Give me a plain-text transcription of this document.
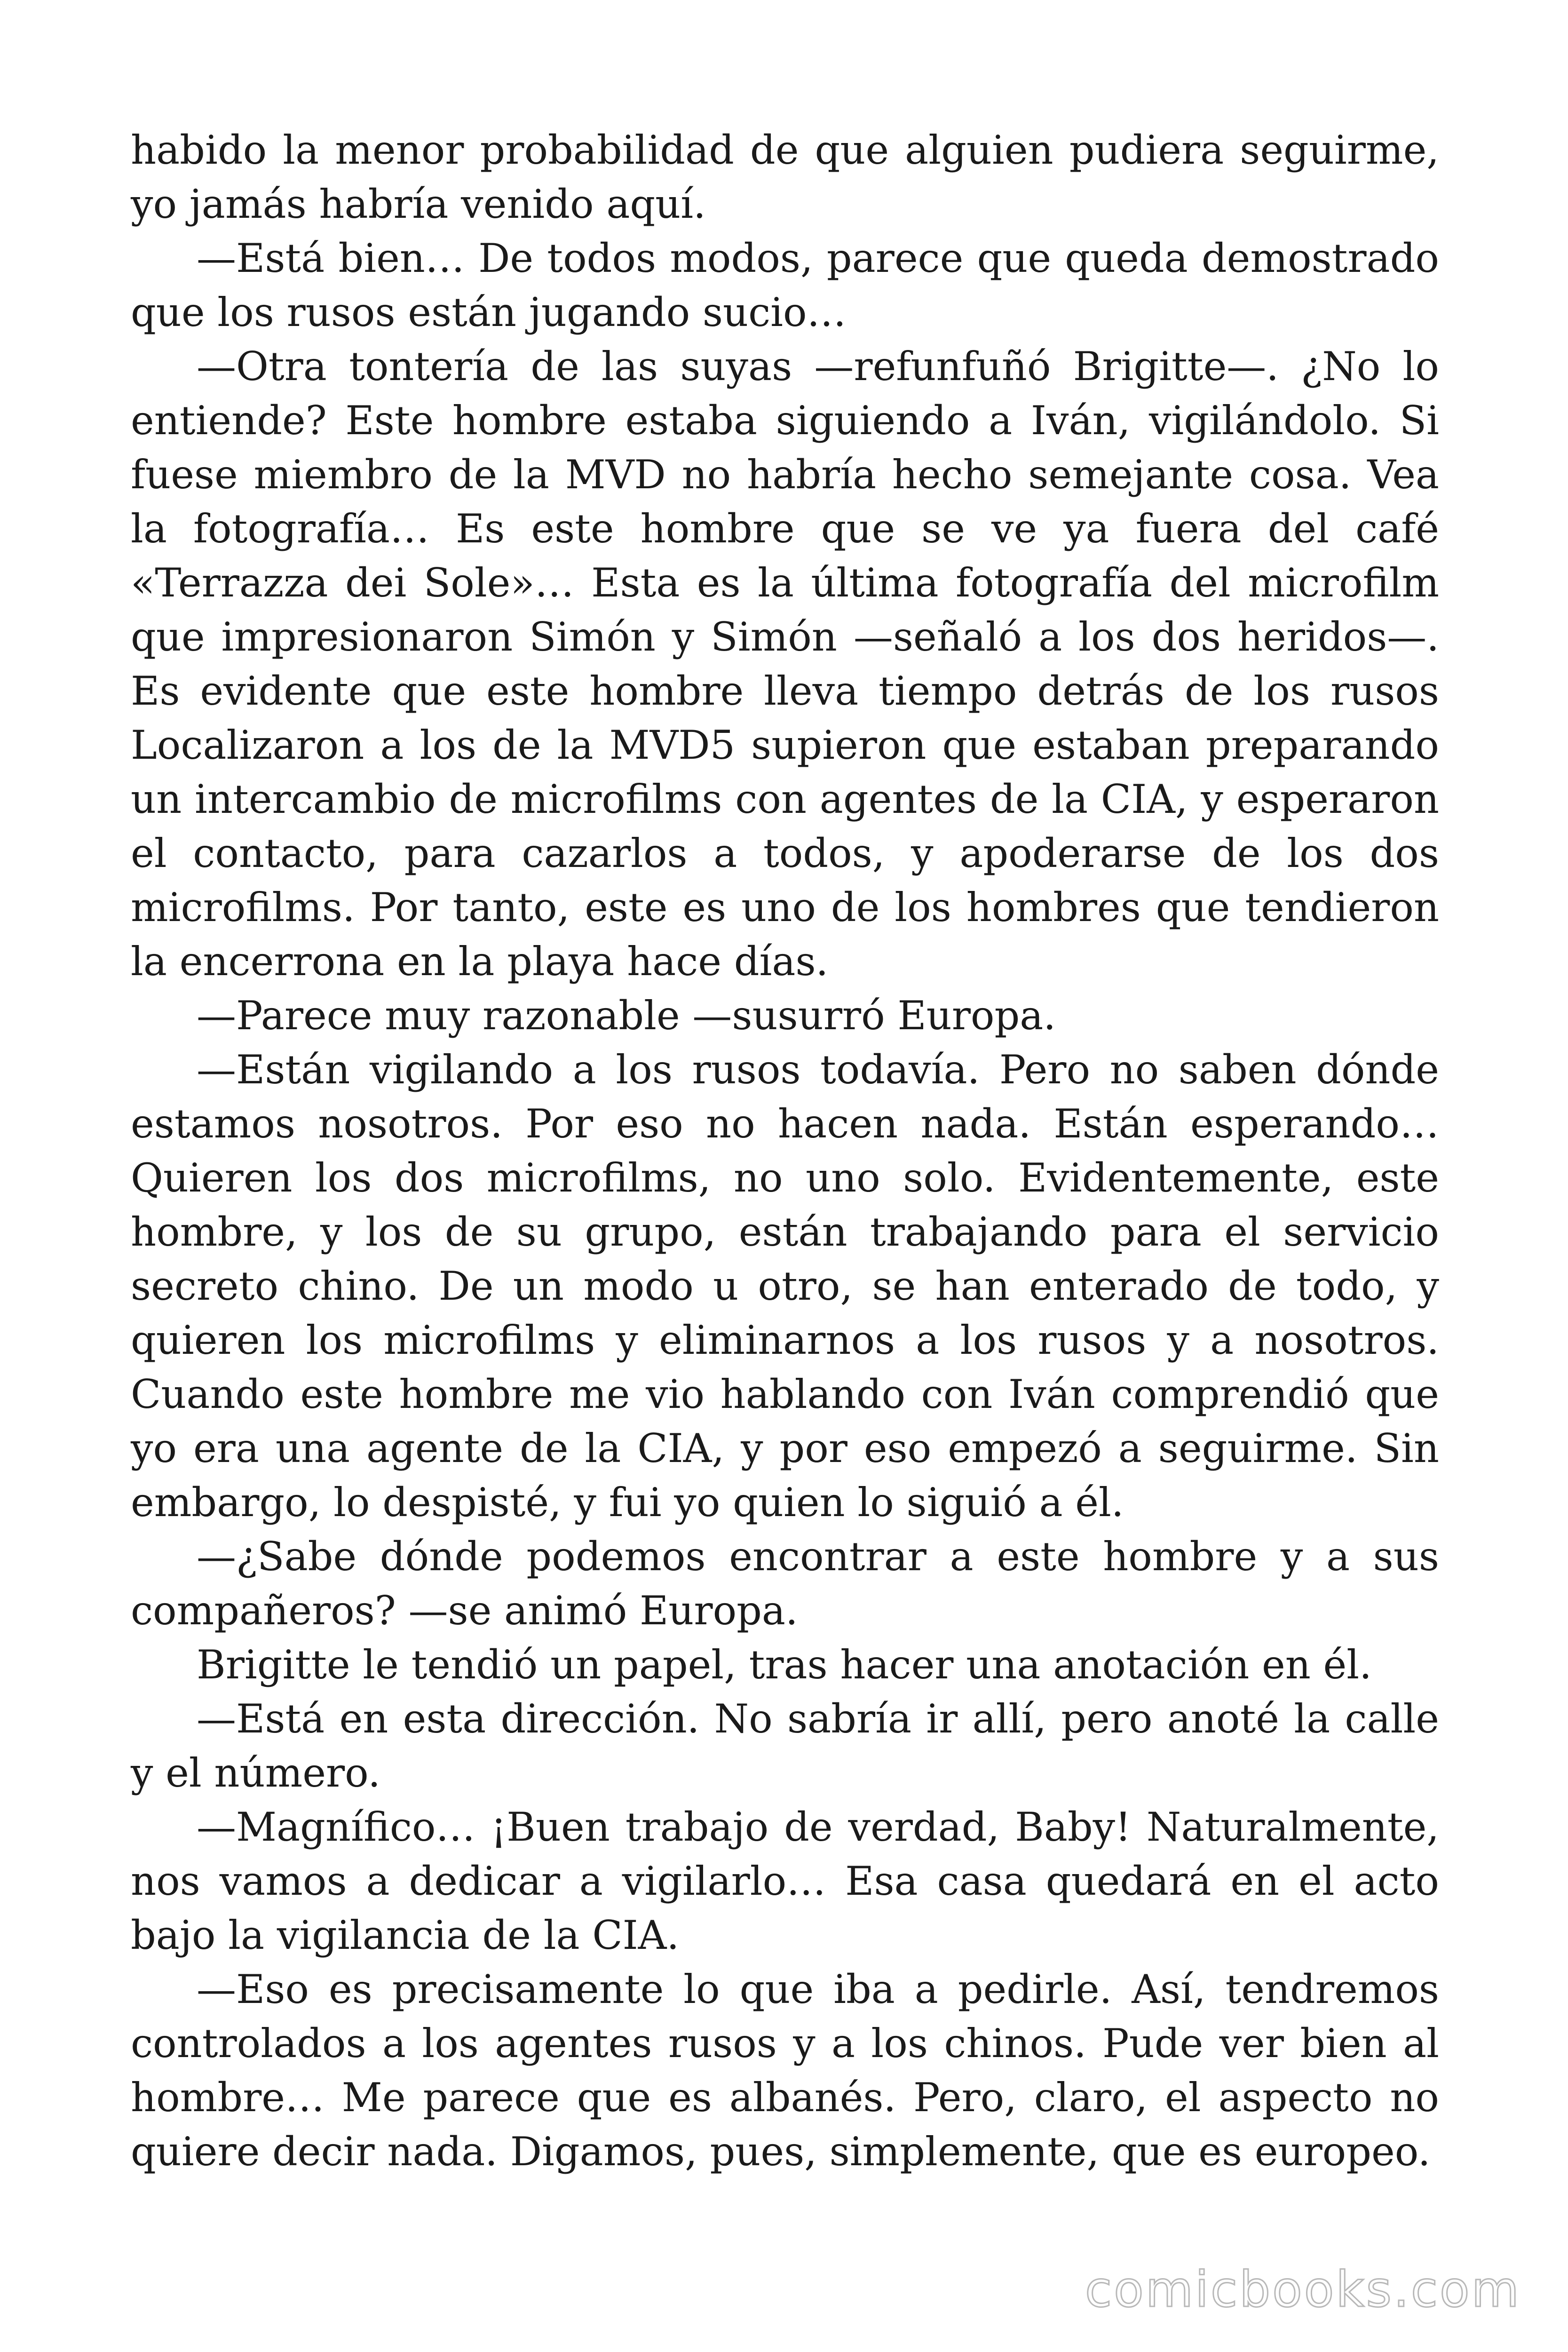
habido la menor probabilidad de que alguien pudiera seguirme, yo jamás habría venido aquí.

—Está bien… De todos modos, parece que queda demostrado que los rusos están jugando sucio…

—Otra tontería de las suyas —refunfuñó Brigitte—. ¿No lo entiende? Este hombre estaba siguiendo a Iván, vigilándolo. Si fuese miembro de la MVD no habría hecho semejante cosa. Vea la fotografía… Es este hombre que se ve ya fuera del café «Terrazza dei Sole»… Esta es la última fotografía del microfilm que impresionaron Simón y Simón —señaló a los dos heridos—. Es evidente que este hombre lleva tiempo detrás de los rusos Localizaron a los de la MVD5 supieron que estaban preparando un intercambio de microfilms con agentes de la CIA, y esperaron el contacto, para cazarlos a todos, y apoderarse de los dos microfilms. Por tanto, este es uno de los hombres que tendieron la encerrona en la playa hace días.

—Parece muy razonable —susurró Europa.

—Están vigilando a los rusos todavía. Pero no saben dónde estamos nosotros. Por eso no hacen nada. Están esperando… Quieren los dos microfilms, no uno solo. Evidentemente, este hombre, y los de su grupo, están trabajando para el servicio secreto chino. De un modo u otro, se han enterado de todo, y quieren los microfilms y eliminarnos a los rusos y a nosotros. Cuando este hombre me vio hablando con Iván comprendió que yo era una agente de la CIA, y por eso empezó a seguirme. Sin embargo, lo despisté, y fui yo quien lo siguió a él.

—¿Sabe dónde podemos encontrar a este hombre y a sus compañeros? —se animó Europa.

Brigitte le tendió un papel, tras hacer una anotación en él.

—Está en esta dirección. No sabría ir allí, pero anoté la calle y el número.

—Magnífico… ¡Buen trabajo de verdad, Baby! Naturalmente, nos vamos a dedicar a vigilarlo… Esa casa quedará en el acto bajo la vigilancia de la CIA.

—Eso es precisamente lo que iba a pedirle. Así, tendremos controlados a los agentes rusos y a los chinos. Pude ver bien al hombre… Me parece que es albanés. Pero, claro, el aspecto no quiere decir nada. Digamos, pues, simplemente, que es europeo.

comicbooks.com
